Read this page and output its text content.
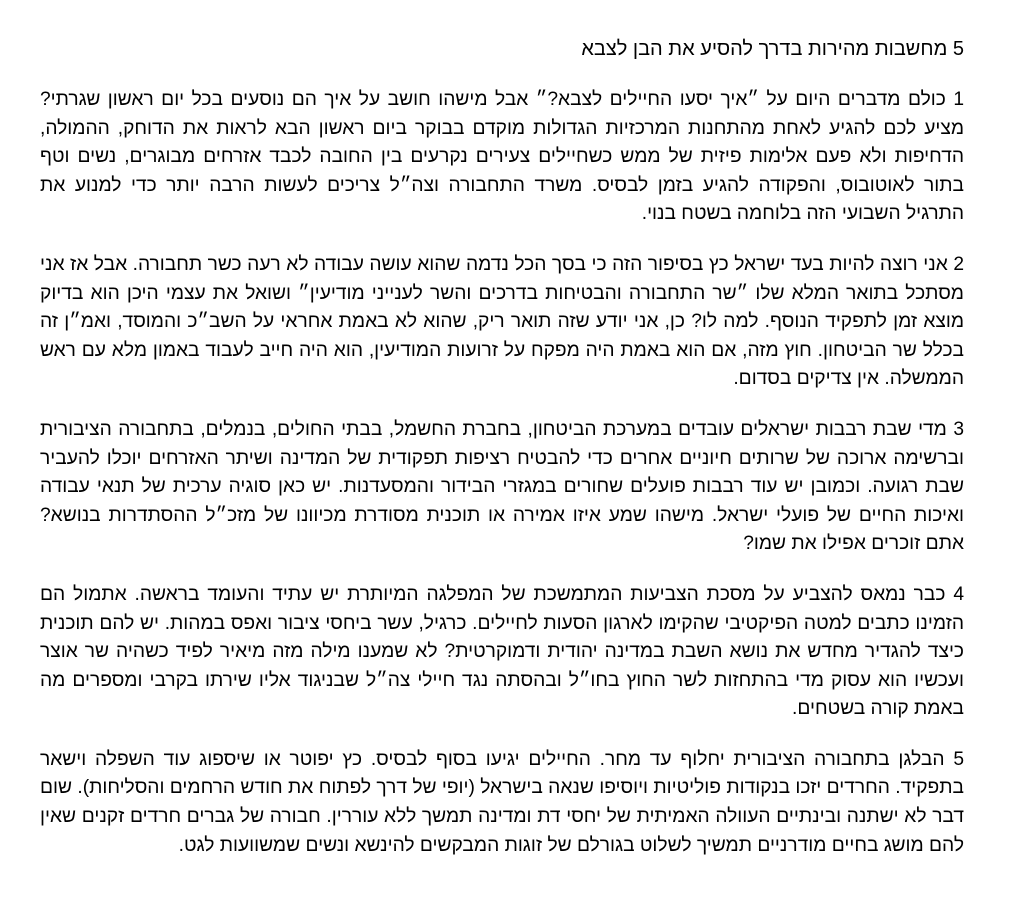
5 מחשבות מהירות בדרך להסיע את הבן לצבא

1 כולם מדברים היום על ״איך יסעו החיילים לצבא?״ אבל מישהו חושב על איך הם נוסעים בכל יום ראשון שגרתי? מציע לכם להגיע לאחת מהתחנות המרכזיות הגדולות מוקדם בבוקר ביום ראשון הבא לראות את הדוחק, ההמולה, הדחיפות ולא פעם אלימות פיזית של ממש כשחיילים צעירים נקרעים בין החובה לכבד אזרחים מבוגרים, נשים וטף בתור לאוטובוס, והפקודה להגיע בזמן לבסיס. משרד התחבורה וצה״ל צריכים לעשות הרבה יותר כדי למנוע את התרגיל השבועי הזה בלוחמה בשטח בנוי.

2 אני רוצה להיות בעד ישראל כץ בסיפור הזה כי בסך הכל נדמה שהוא עושה עבודה לא רעה כשר תחבורה. אבל אז אני מסתכל בתואר המלא שלו ״שר התחבורה והבטיחות בדרכים והשר לענייני מודיעין״ ושואל את עצמי היכן הוא בדיוק מוצא זמן לתפקיד הנוסף. למה לו? כן, אני יודע שזה תואר ריק, שהוא לא באמת אחראי על השב״כ והמוסד, ואמ״ן זה בכלל שר הביטחון. חוץ מזה, אם הוא באמת היה מפקח על זרועות המודיעין, הוא היה חייב לעבוד באמון מלא עם ראש הממשלה. אין צדיקים בסדום.

3 מדי שבת רבבות ישראלים עובדים במערכת הביטחון, בחברת החשמל, בבתי החולים, בנמלים, בתחבורה הציבורית וברשימה ארוכה של שרותים חיוניים אחרים כדי להבטיח רציפות תפקודית של המדינה ושיתר האזרחים יוכלו להעביר שבת רגועה. וכמובן יש עוד רבבות פועלים שחורים במגזרי הבידור והמסעדנות. יש כאן סוגיה ערכית של תנאי עבודה ואיכות החיים של פועלי ישראל. מישהו שמע איזו אמירה או תוכנית מסודרת מכיוונו של מזכ״ל ההסתדרות בנושא? אתם זוכרים אפילו את שמו?

4 כבר נמאס להצביע על מסכת הצביעות המתמשכת של המפלגה המיותרת יש עתיד והעומד בראשה. אתמול הם הזמינו כתבים למטה הפיקטיבי שהקימו לארגון הסעות לחיילים. כרגיל, עשר ביחסי ציבור ואפס במהות. יש להם תוכנית כיצד להגדיר מחדש את נושא השבת במדינה יהודית ודמוקרטית? לא שמענו מילה מזה מיאיר לפיד כשהיה שר אוצר ועכשיו הוא עסוק מדי בהתחזות לשר החוץ בחו״ל ובהסתה נגד חיילי צה״ל שבניגוד אליו שירתו בקרבי ומספרים מה באמת קורה בשטחים.

5 הבלגן בתחבורה הציבורית יחלוף עד מחר. החיילים יגיעו בסוף לבסיס. כץ יפוטר או שיספוג עוד השפלה וישאר בתפקיד. החרדים יזכו בנקודות פוליטיות ויוסיפו שנאה בישראל (יופי של דרך לפתוח את חודש הרחמים והסליחות). שום דבר לא ישתנה ובינתיים העוולה האמיתית של יחסי דת ומדינה תמשך ללא עוררין. חבורה של גברים חרדים זקנים שאין להם מושג בחיים מודרניים תמשיך לשלוט בגורלם של זוגות המבקשים להינשא ונשים שמשוועות לגט.
